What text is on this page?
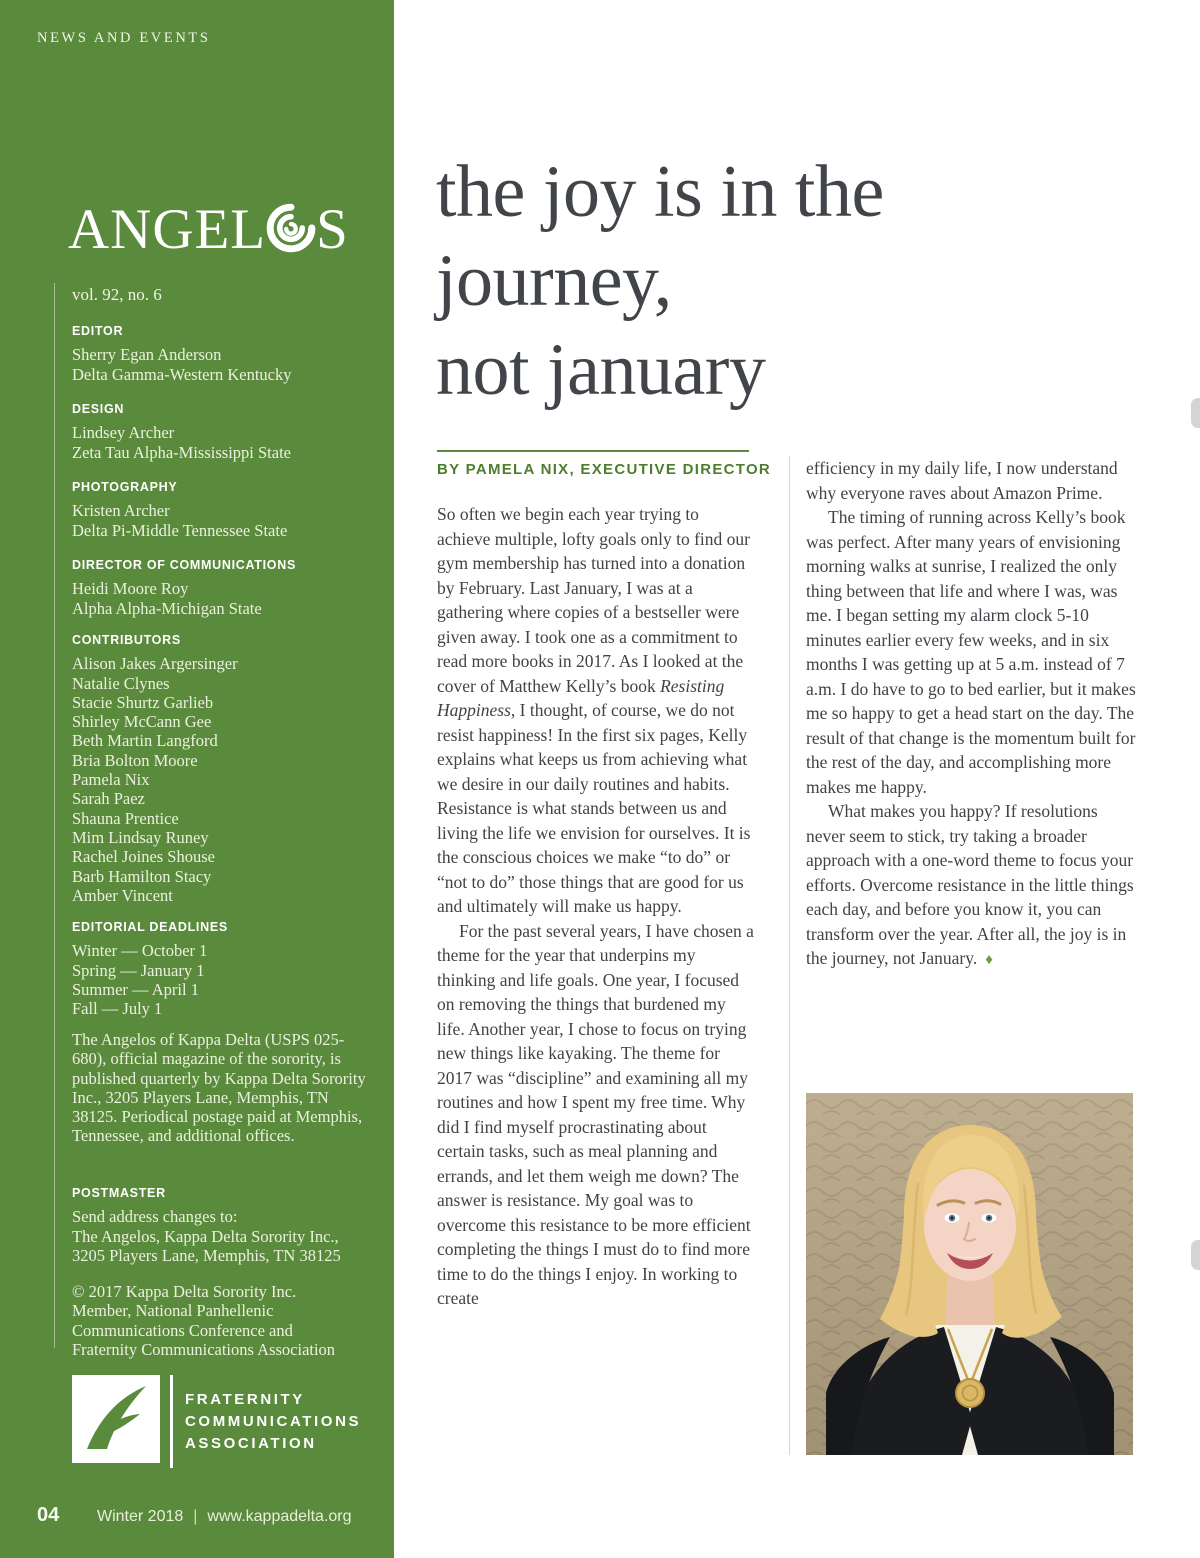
NEWS AND EVENTS
ANGEL S
vol. 92, no. 6
EDITOR
Sherry Egan Anderson
Delta Gamma-Western Kentucky
DESIGN
Lindsey Archer
Zeta Tau Alpha-Mississippi State
PHOTOGRAPHY
Kristen Archer
Delta Pi-Middle Tennessee State
DIRECTOR OF COMMUNICATIONS
Heidi Moore Roy
Alpha Alpha-Michigan State
CONTRIBUTORS
Alison Jakes Argersinger
Natalie Clynes
Stacie Shurtz Garlieb
Shirley McCann Gee
Beth Martin Langford
Bria Bolton Moore
Pamela Nix
Sarah Paez
Shauna Prentice
Mim Lindsay Runey
Rachel Joines Shouse
Barb Hamilton Stacy
Amber Vincent
EDITORIAL DEADLINES
Winter — October 1
Spring — January 1
Summer — April 1
Fall — July 1
The Angelos of Kappa Delta (USPS 025-680), official magazine of the sorority, is published quarterly by Kappa Delta Sorority Inc., 3205 Players Lane, Memphis, TN 38125. Periodical postage paid at Memphis, Tennessee, and additional offices.
POSTMASTER
Send address changes to:
The Angelos, Kappa Delta Sorority Inc.,
3205 Players Lane, Memphis, TN 38125
© 2017 Kappa Delta Sorority Inc.
Member, National Panhellenic
Communications Conference and
Fraternity Communications Association
FRATERNITY
COMMUNICATIONS
ASSOCIATION
04 Winter 2018 | www.kappadelta.org
the joy is in the
journey,
not january
BY PAMELA NIX, EXECUTIVE DIRECTOR

So often we begin each year trying to achieve multiple, lofty goals only to find our gym membership has turned into a donation by February. Last January, I was at a gathering where copies of a bestseller were given away. I took one as a commitment to read more books in 2017. As I looked at the cover of Matthew Kelly’s book Resisting Happiness, I thought, of course, we do not resist happiness! In the first six pages, Kelly explains what keeps us from achieving what we desire in our daily routines and habits. Resistance is what stands between us and living the life we envision for ourselves. It is the conscious choices we make “to do” or “not to do” those things that are good for us and ultimately will make us happy.

For the past several years, I have chosen a theme for the year that underpins my thinking and life goals. One year, I focused on removing the things that burdened my life. Another year, I chose to focus on trying new things like kayaking. The theme for 2017 was “discipline” and examining all my routines and how I spent my free time. Why did I find myself procrastinating about certain tasks, such as meal planning and errands, and let them weigh me down? The answer is resistance. My goal was to overcome this resistance to be more efficient completing the things I must do to find more time to do the things I enjoy. In working to create

efficiency in my daily life, I now understand why everyone raves about Amazon Prime.

The timing of running across Kelly’s book was perfect. After many years of envisioning morning walks at sunrise, I realized the only thing between that life and where I was, was me. I began setting my alarm clock 5-10 minutes earlier every few weeks, and in six months I was getting up at 5 a.m. instead of 7 a.m. I do have to go to bed earlier, but it makes me so happy to get a head start on the day. The result of that change is the momentum built for the rest of the day, and accomplishing more makes me happy.

What makes you happy? If resolutions never seem to stick, try taking a broader approach with a one-word theme to focus your efforts. Overcome resistance in the little things each day, and before you know it, you can transform over the year. After all, the joy is in the journey, not January. ♦
